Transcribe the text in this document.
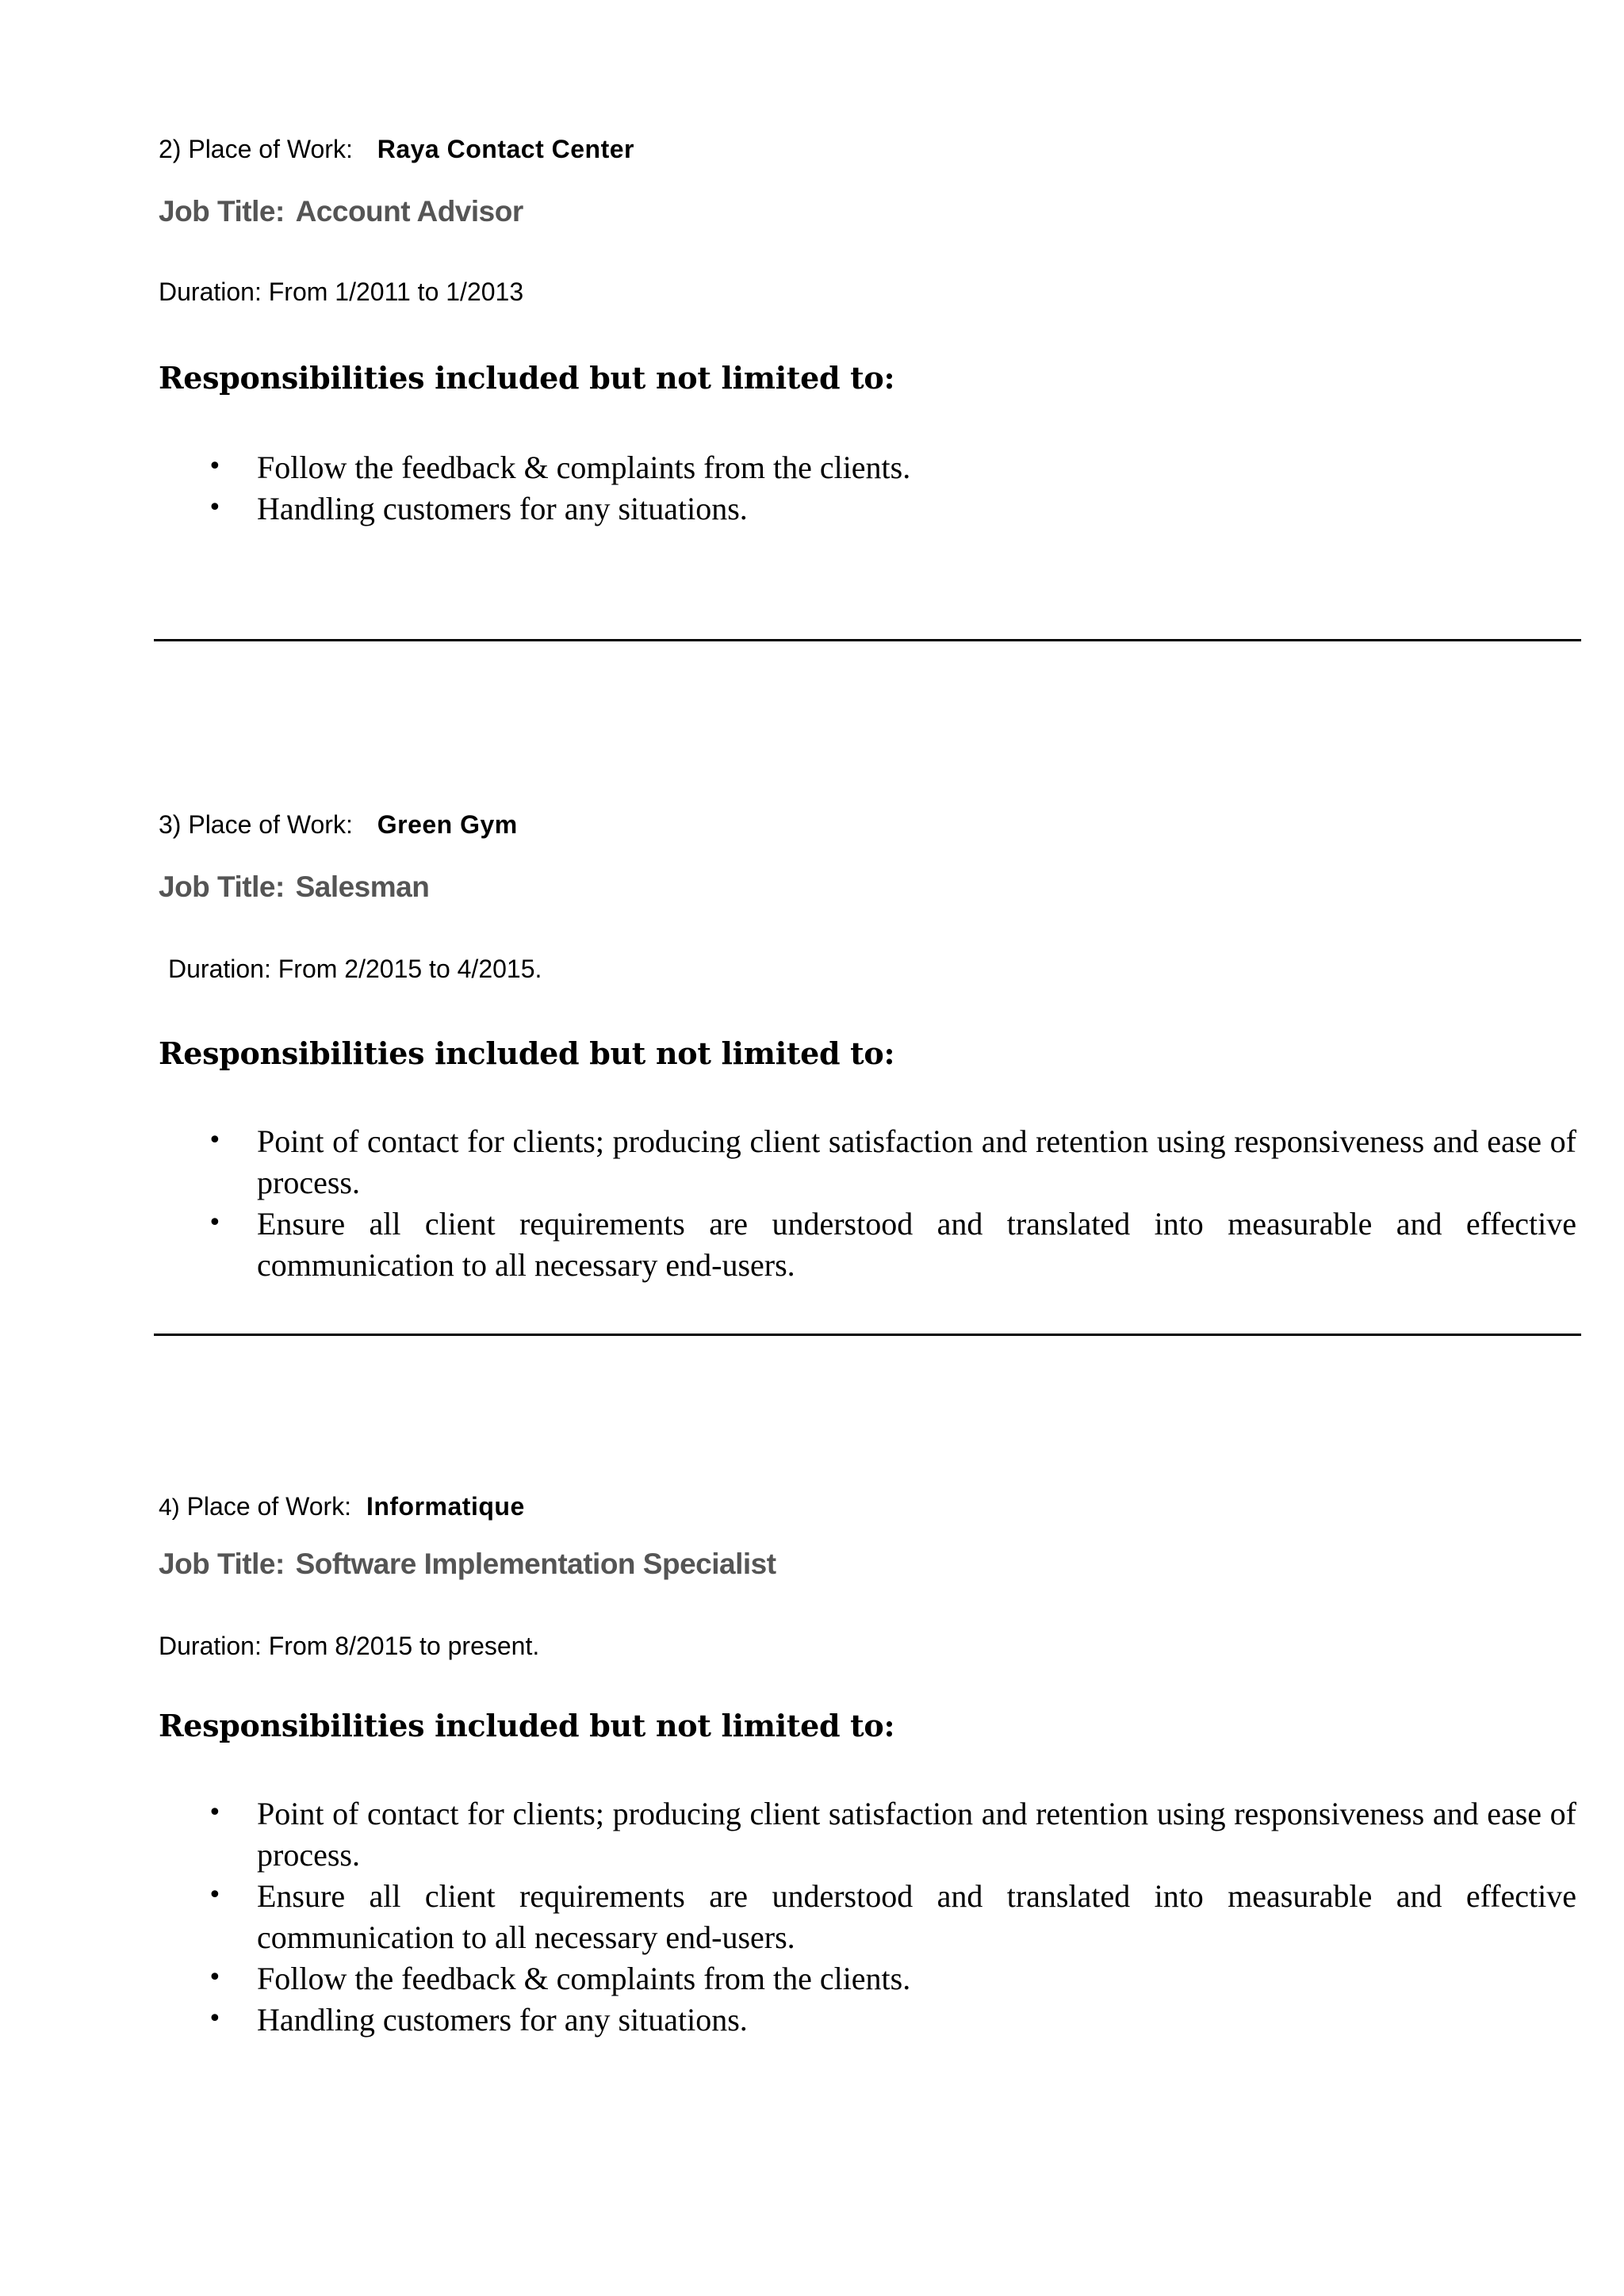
2) Place of Work: Raya Contact Center
Job Title: Account Advisor
Duration: From 1/2011 to 1/2013
Responsibilities included but not limited to:
• Follow the feedback & complaints from the clients.
• Handling customers for any situations.
3) Place of Work: Green Gym
Job Title: Salesman
Duration: From 2/2015 to 4/2015.
Responsibilities included but not limited to:
• Point of contact for clients; producing client satisfaction and retention using responsiveness and ease of process.
• Ensure all client requirements are understood and translated into measurable and effective communication to all necessary end-users.
4) Place of Work: Informatique
Job Title: Software Implementation Specialist
Duration: From 8/2015 to present.
Responsibilities included but not limited to:
• Point of contact for clients; producing client satisfaction and retention using responsiveness and ease of process.
• Ensure all client requirements are understood and translated into measurable and effective communication to all necessary end-users.
• Follow the feedback & complaints from the clients.
• Handling customers for any situations.
